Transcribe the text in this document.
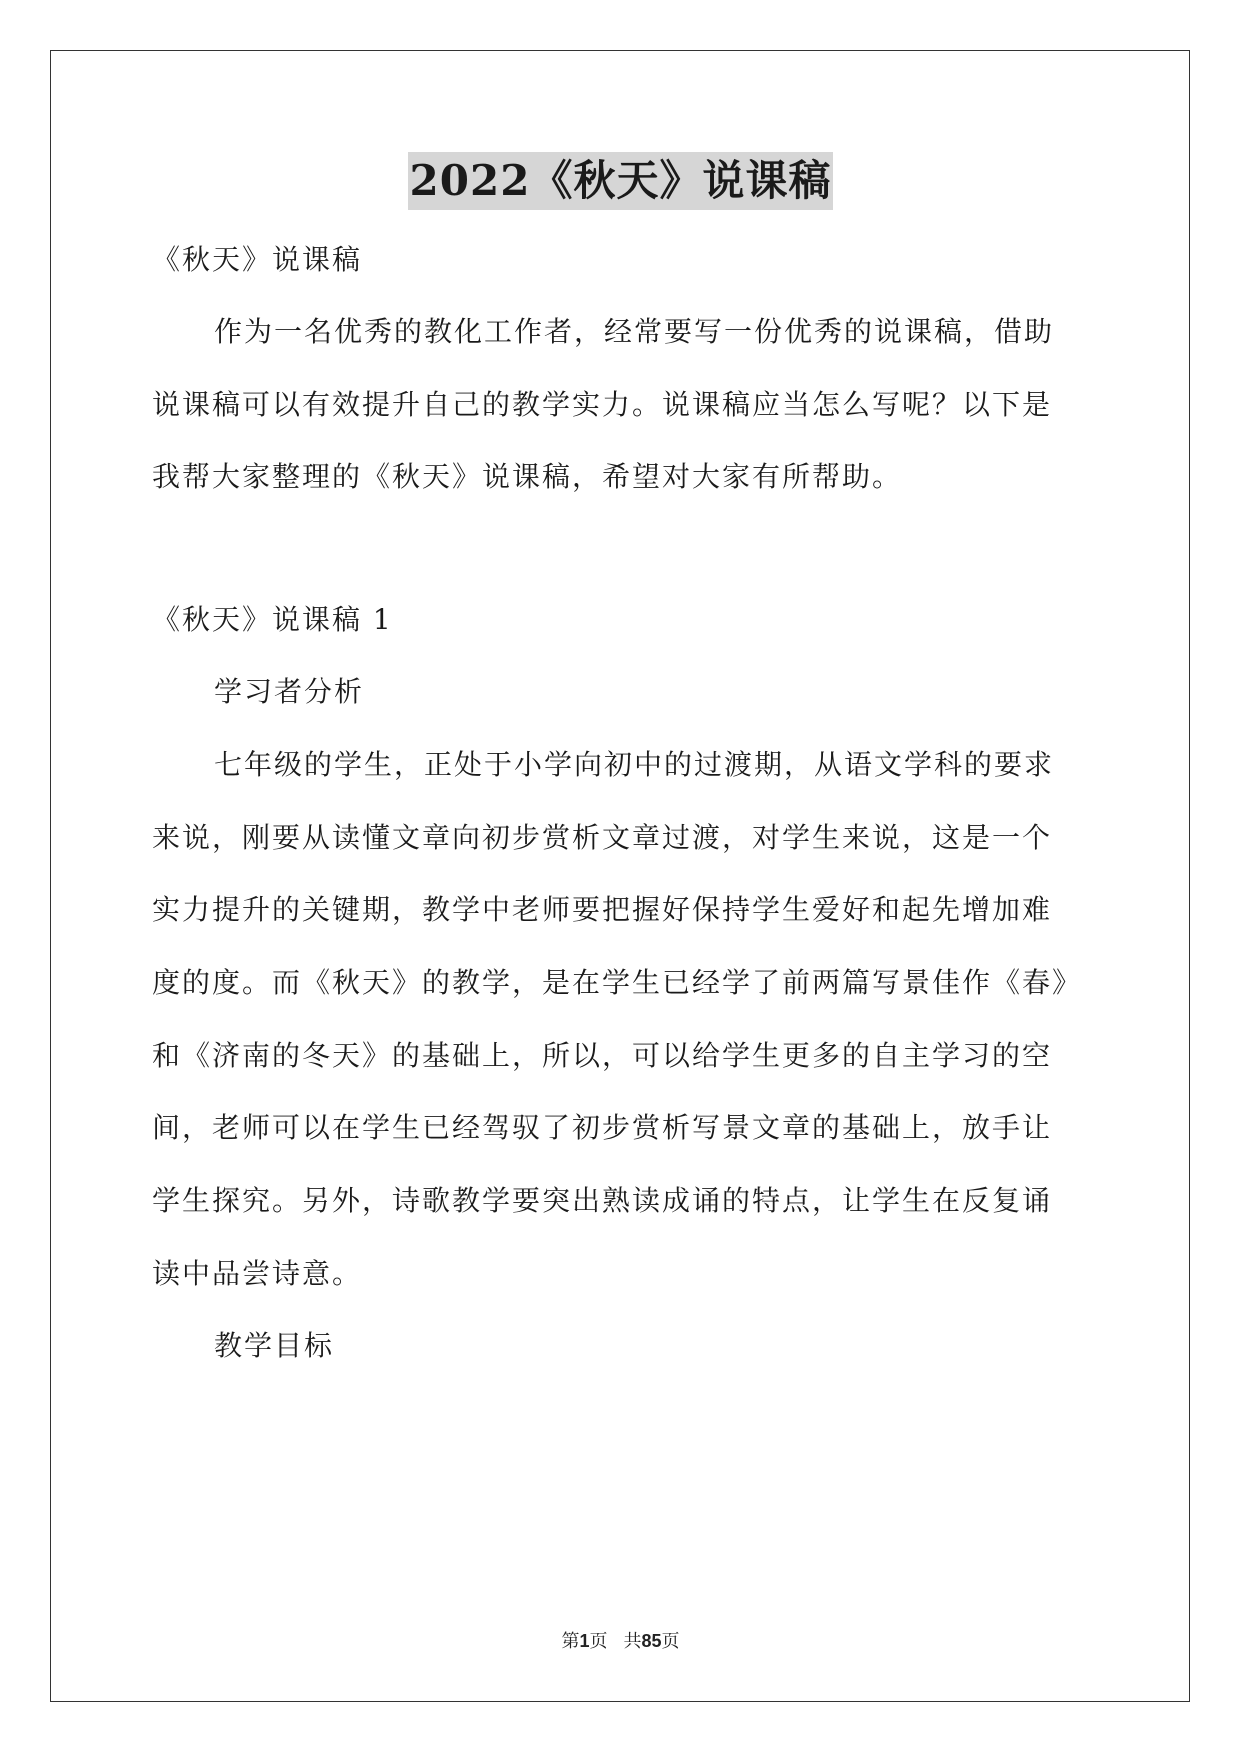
2022《秋天》说课稿
《秋天》说课稿
作为一名优秀的教化工作者，经常要写一份优秀的说课稿，借助
说课稿可以有效提升自己的教学实力。说课稿应当怎么写呢？以下是
我帮大家整理的《秋天》说课稿，希望对大家有所帮助。
《秋天》说课稿 1
学习者分析
七年级的学生，正处于小学向初中的过渡期，从语文学科的要求
来说，刚要从读懂文章向初步赏析文章过渡，对学生来说，这是一个
实力提升的关键期，教学中老师要把握好保持学生爱好和起先增加难
度的度。而《秋天》的教学，是在学生已经学了前两篇写景佳作《春》
和《济南的冬天》的基础上，所以，可以给学生更多的自主学习的空
间，老师可以在学生已经驾驭了初步赏析写景文章的基础上，放手让
学生探究。另外，诗歌教学要突出熟读成诵的特点，让学生在反复诵
读中品尝诗意。
教学目标
第1页 共85页
